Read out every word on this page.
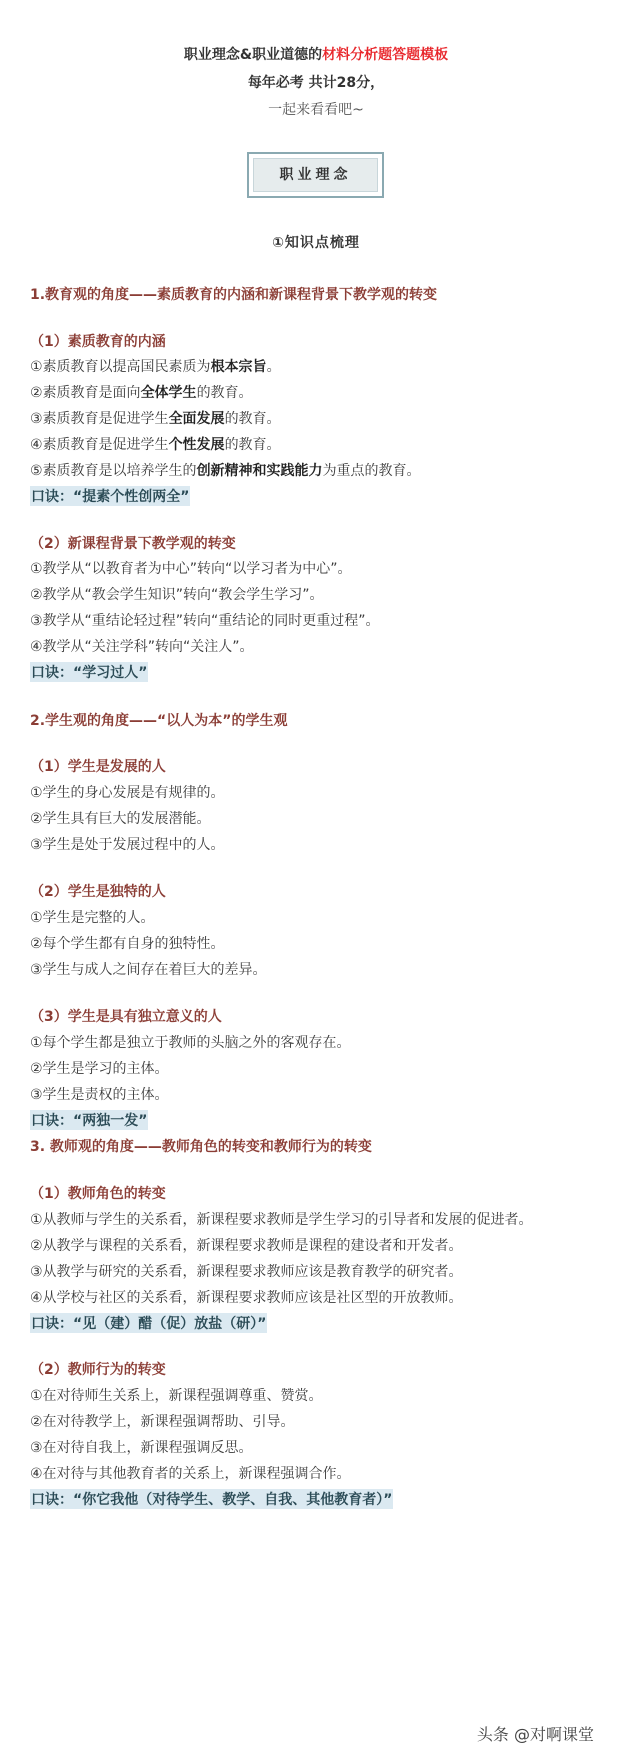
职业理念&职业道德的材料分析题答题模板
每年必考 共计28分，
一起来看看吧~
职业理念
①知识点梳理
1.教育观的角度——素质教育的内涵和新课程背景下教学观的转变
（1）素质教育的内涵
①素质教育以提高国民素质为根本宗旨。
②素质教育是面向全体学生的教育。
③素质教育是促进学生全面发展的教育。
④素质教育是促进学生个性发展的教育。
⑤素质教育是以培养学生的创新精神和实践能力为重点的教育。
口诀：“提素个性创两全”
（2）新课程背景下教学观的转变
①教学从“以教育者为中心”转向“以学习者为中心”。
②教学从“教会学生知识”转向“教会学生学习”。
③教学从“重结论轻过程”转向“重结论的同时更重过程”。
④教学从“关注学科”转向“关注人”。
口诀：“学习过人”
2.学生观的角度——“以人为本”的学生观
（1）学生是发展的人
①学生的身心发展是有规律的。
②学生具有巨大的发展潜能。
③学生是处于发展过程中的人。
（2）学生是独特的人
①学生是完整的人。
②每个学生都有自身的独特性。
③学生与成人之间存在着巨大的差异。
（3）学生是具有独立意义的人
①每个学生都是独立于教师的头脑之外的客观存在。
②学生是学习的主体。
③学生是责权的主体。
口诀：“两独一发”
3. 教师观的角度——教师角色的转变和教师行为的转变
（1）教师角色的转变
①从教师与学生的关系看，新课程要求教师是学生学习的引导者和发展的促进者。
②从教学与课程的关系看，新课程要求教师是课程的建设者和开发者。
③从教学与研究的关系看，新课程要求教师应该是教育教学的研究者。
④从学校与社区的关系看，新课程要求教师应该是社区型的开放教师。
口诀：“见（建）醋（促）放盐（研）”
（2）教师行为的转变
①在对待师生关系上，新课程强调尊重、赞赏。
②在对待教学上，新课程强调帮助、引导。
③在对待自我上，新课程强调反思。
④在对待与其他教育者的关系上，新课程强调合作。
口诀：“你它我他（对待学生、教学、自我、其他教育者）”
头条 @对啊课堂
